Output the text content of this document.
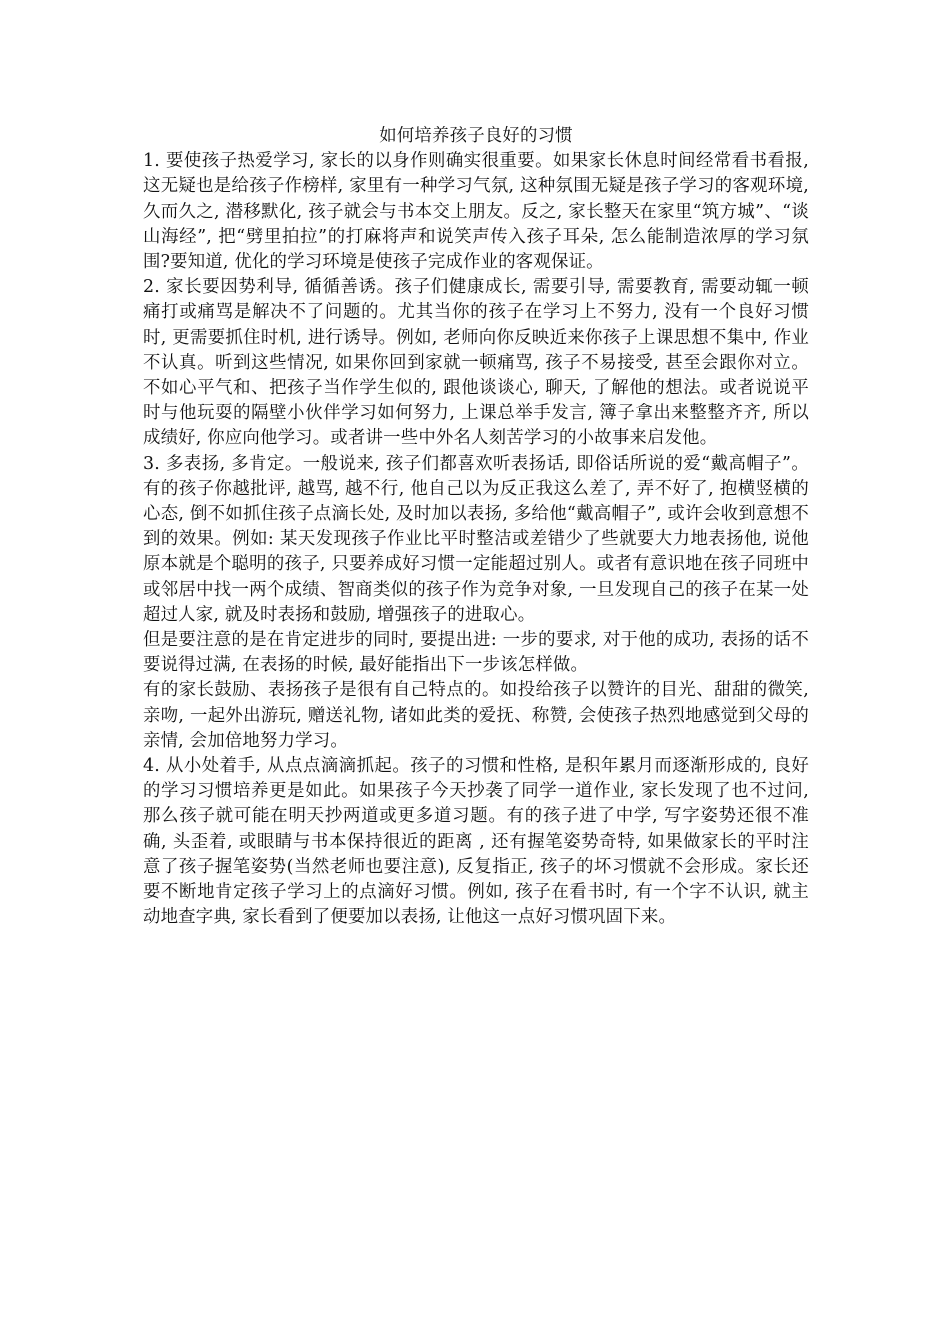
如何培养孩子良好的习惯

1. 要使孩子热爱学习, 家长的以身作则确实很重要。如果家长休息时间经常看书看报, 这无疑也是给孩子作榜样, 家里有一种学习气氛, 这种氛围无疑是孩子学习的客观环境, 久而久之, 潜移默化, 孩子就会与书本交上朋友。反之, 家长整天在家里“筑方城”、“谈山海经”, 把“劈里拍拉”的打麻将声和说笑声传入孩子耳朵, 怎么能制造浓厚的学习氛围?要知道, 优化的学习环境是使孩子完成作业的客观保证。

2. 家长要因势利导, 循循善诱。孩子们健康成长, 需要引导, 需要教育, 需要动辄一顿痛打或痛骂是解决不了问题的。尤其当你的孩子在学习上不努力, 没有一个良好习惯时, 更需要抓住时机, 进行诱导。例如, 老师向你反映近来你孩子上课思想不集中, 作业不认真。听到这些情况, 如果你回到家就一顿痛骂, 孩子不易接受, 甚至会跟你对立。不如心平气和、把孩子当作学生似的, 跟他谈谈心, 聊天, 了解他的想法。或者说说平时与他玩耍的隔壁小伙伴学习如何努力, 上课总举手发言, 簿子拿出来整整齐齐, 所以成绩好, 你应向他学习。或者讲一些中外名人刻苦学习的小故事来启发他。

3. 多表扬, 多肯定。一般说来, 孩子们都喜欢听表扬话, 即俗话所说的爱“戴高帽子”。有的孩子你越批评, 越骂, 越不行, 他自己以为反正我这么差了, 弄不好了, 抱横竖横的心态, 倒不如抓住孩子点滴长处, 及时加以表扬, 多给他“戴高帽子”, 或许会收到意想不到的效果。例如: 某天发现孩子作业比平时整洁或差错少了些就要大力地表扬他, 说他原本就是个聪明的孩子, 只要养成好习惯一定能超过别人。或者有意识地在孩子同班中或邻居中找一两个成绩、智商类似的孩子作为竞争对象, 一旦发现自己的孩子在某一处超过人家, 就及时表扬和鼓励, 增强孩子的进取心。

但是要注意的是在肯定进步的同时, 要提出进: 一步的要求, 对于他的成功, 表扬的话不要说得过满, 在表扬的时候, 最好能指出下一步该怎样做。

有的家长鼓励、表扬孩子是很有自己特点的。如投给孩子以赞许的目光、甜甜的微笑, 亲吻, 一起外出游玩, 赠送礼物, 诸如此类的爱抚、称赞, 会使孩子热烈地感觉到父母的亲情, 会加倍地努力学习。

4. 从小处着手, 从点点滴滴抓起。孩子的习惯和性格, 是积年累月而逐渐形成的, 良好的学习习惯培养更是如此。如果孩子今天抄袭了同学一道作业, 家长发现了也不过问, 那么孩子就可能在明天抄两道或更多道习题。有的孩子进了中学, 写字姿势还很不准确, 头歪着, 或眼睛与书本保持很近的距离 , 还有握笔姿势奇特, 如果做家长的平时注意了孩子握笔姿势(当然老师也要注意), 反复指正, 孩子的坏习惯就不会形成。家长还要不断地肯定孩子学习上的点滴好习惯。例如, 孩子在看书时, 有一个字不认识, 就主动地查字典, 家长看到了便要加以表扬, 让他这一点好习惯巩固下来。
